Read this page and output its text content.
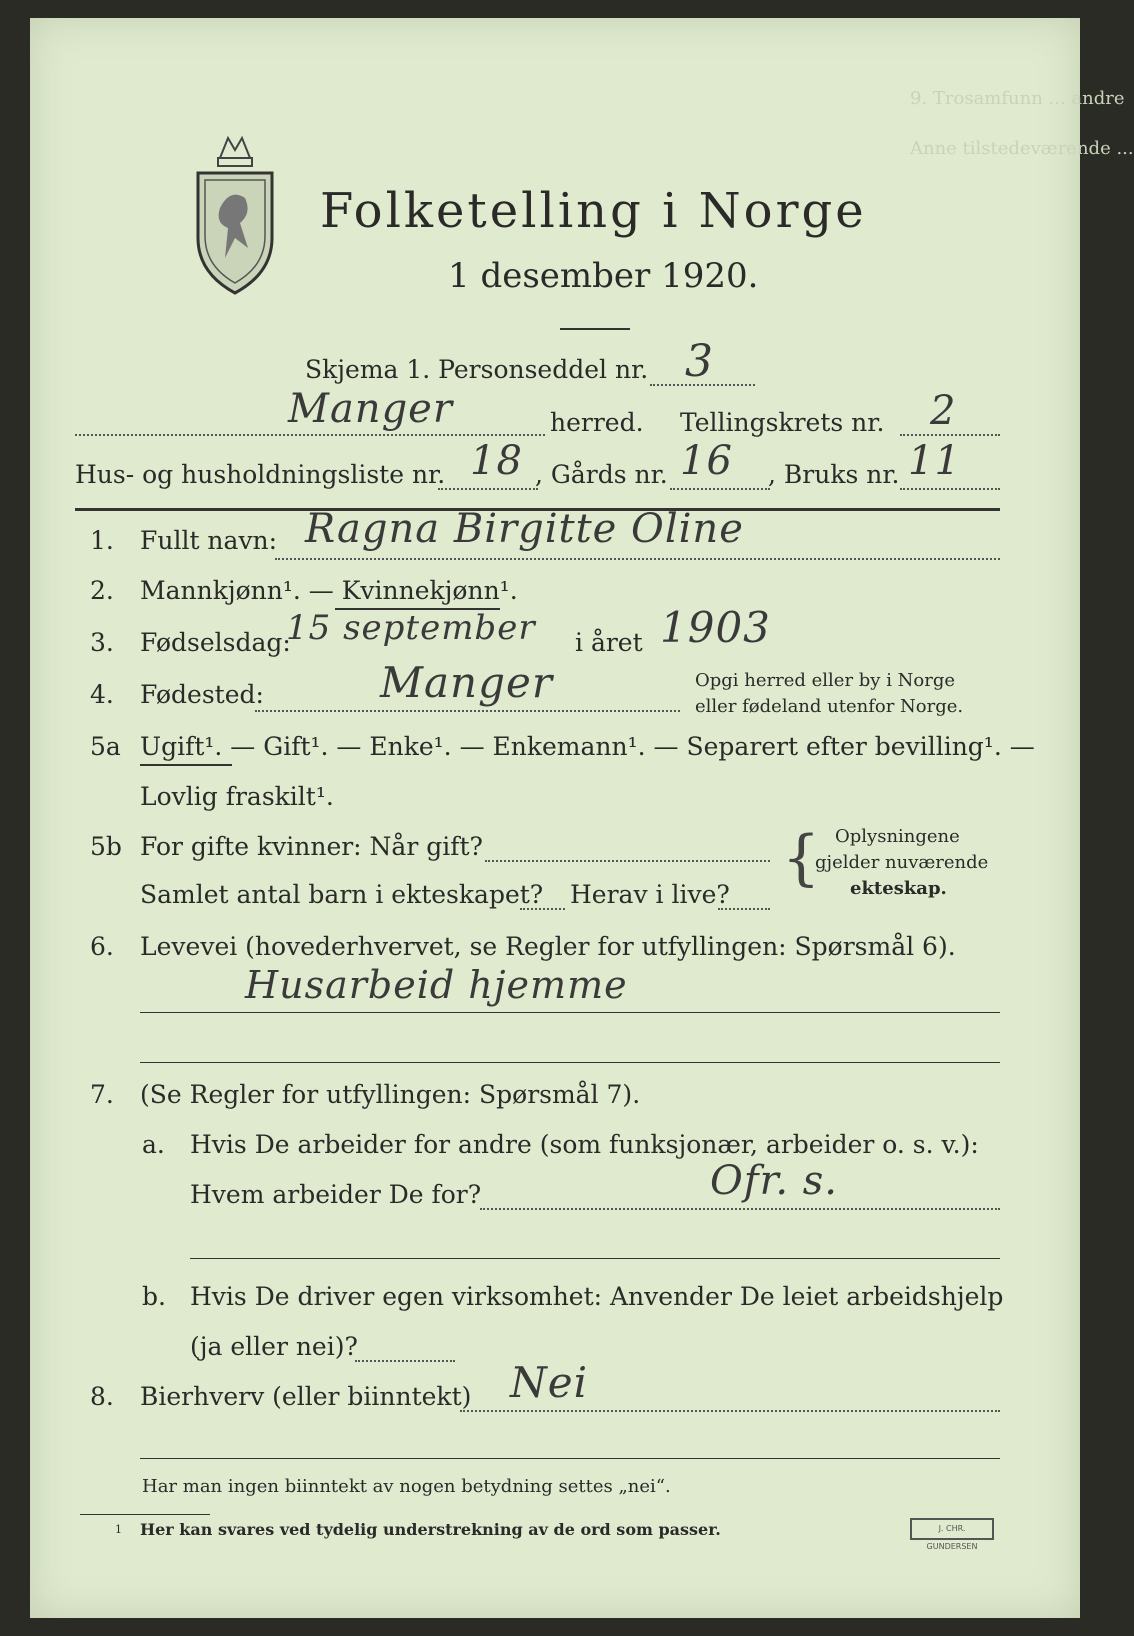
9. Trosamfunn ... andre
Anne tilstedeværende ...
Folketelling i Norge
1 desember 1920.
Skjema 1. Personseddel nr. 3
Manger	herred. Tellingskrets nr. 2
Hus- og husholdningsliste nr. 18 , Gårds nr. 16 , Bruks nr. 11
1. Fullt navn: Ragna Birgitte Oline
2. Mannkjønn¹. — Kvinnekjønn¹.
3. Fødselsdag:
15 september i året 1903
4. Fødested:	Manger	Opgi herred eller by i Norge
eller fødeland utenfor Norge.
5a Ugift¹. — Gift¹. — Enke¹. — Enkemann¹. — Separert efter bevilling¹. —
Lovlig fraskilt¹.
5b For gifte kvinner: Når gift?
Samlet antal barn i ekteskapet? Herav i live?
{ Oplysningene
gjelder nuværende
ekteskap.
6. Levevei (hovederhvervet, se Regler for utfyllingen: Spørsmål 6).
Husarbeid hjemme
7. (Se Regler for utfyllingen: Spørsmål 7).
a. Hvis De arbeider for andre (som funksjonær, arbeider o. s. v.):
Hvem arbeider De for?	Ofr. s.
b. Hvis De driver egen virksomhet: Anvender De leiet arbeidshjelp
(ja eller nei)?
8. Bierhverv (eller biinntekt) Nei
Har man ingen biinntekt av nogen betydning settes „nei“.
1 Her kan svares ved tydelig understrekning av de ord som passer.	J. CHR. GUNDERSEN
